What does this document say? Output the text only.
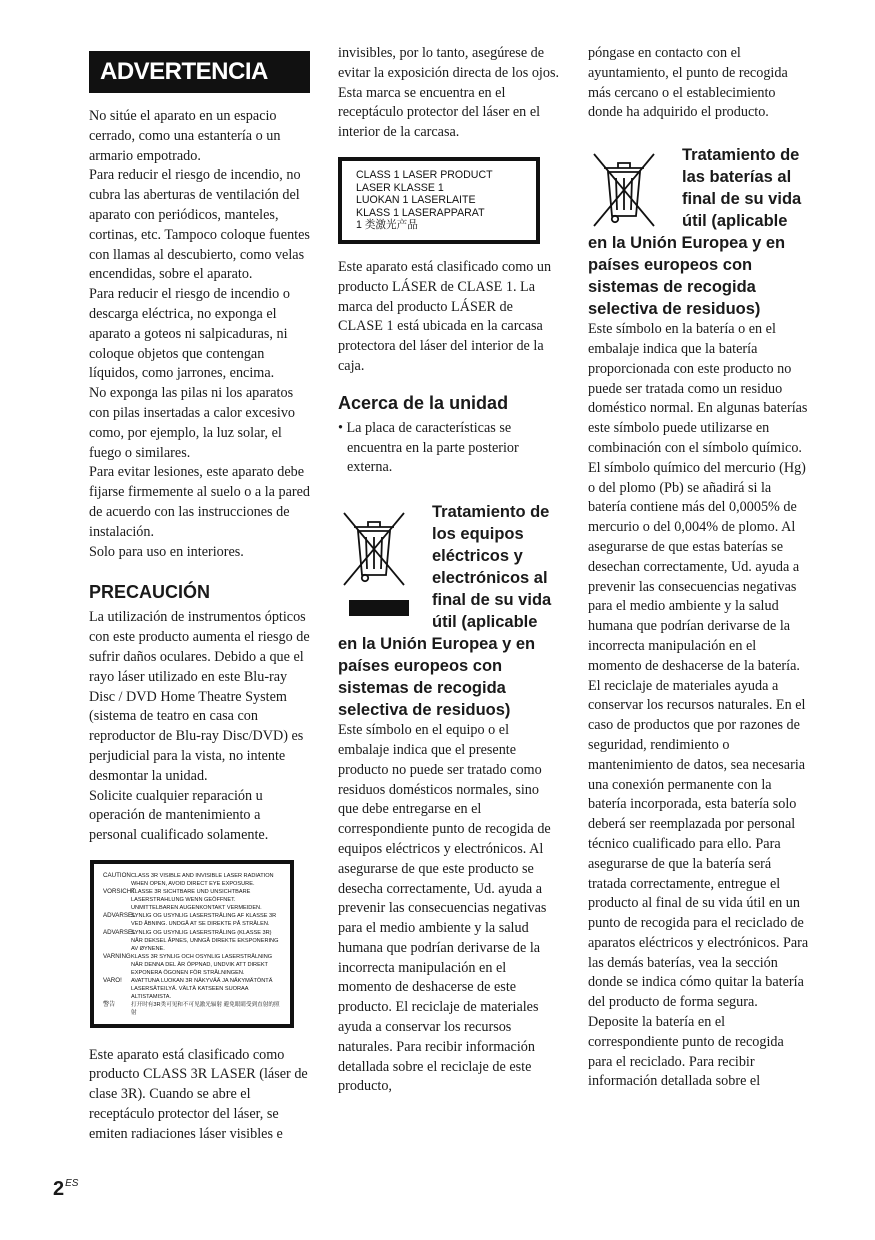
ADVERTENCIA

No sitúe el aparato en un espacio cerrado, como una estantería o un armario empotrado.

Para reducir el riesgo de incendio, no cubra las aberturas de ventilación del aparato con periódicos, manteles, cortinas, etc. Tampoco coloque fuentes con llamas al descubierto, como velas encendidas, sobre el aparato.

Para reducir el riesgo de incendio o descarga eléctrica, no exponga el aparato a goteos ni salpicaduras, ni coloque objetos que contengan líquidos, como jarrones, encima.

No exponga las pilas ni los aparatos con pilas insertadas a calor excesivo como, por ejemplo, la luz solar, el fuego o similares.

Para evitar lesiones, este aparato debe fijarse firmemente al suelo o a la pared de acuerdo con las instrucciones de instalación.

Solo para uso en interiores.

PRECAUCIÓN

La utilización de instrumentos ópticos con este producto aumenta el riesgo de sufrir daños oculares. Debido a que el rayo láser utilizado en este Blu-ray Disc / DVD Home Theatre System (sistema de teatro en casa con reproductor de Blu-ray Disc/DVD) es perjudicial para la vista, no intente desmontar la unidad.

Solicite cualquier reparación u operación de mantenimiento a personal cualificado solamente.

CAUTION CLASS 3R VISIBLE AND INVISIBLE LASER RADIATION WHEN OPEN, AVOID DIRECT EYE EXPOSURE.
VORSICHT
KLASSE 3R SICHTBARE UND UNSICHTBARE LASERSTRAHLUNG WENN GEÖFFNET. UNMITTELBAREN AUGENKONTAKT VERMEIDEN.
ADVARSEL
SYNLIG OG USYNLIG LASERSTRÅLING AF KLASSE 3R VED ÅBNING. UNDGÅ AT SE DIREKTE PÅ STRÅLEN.
ADVARSEL
SYNLIG OG USYNLIG LASERSTRÅLING (KLASSE 3R) NÅR DEKSEL ÅPNES, UNNGÅ DIREKTE EKSPONERING AV ØYNENE.
VARNING KLASS 3R SYNLIG OCH OSYNLIG LASERSTRÅLNING NÄR DENNA DEL ÄR ÖPPNAD, UNDVIK ATT DIREKT EXPONERA ÖGONEN FÖR STRÅLNINGEN.
VARO!	AVATTUNA LUOKAN 3R NÄKYVÄÄ JA NÄKYMÄTÖNTÄ LASERSÄTEILYÄ. VÄLTÄ KATSEEN SUORAA ALTISTAMISTA.
警告	打开时有3R类可见和不可见激光辐射 避免眼睛受到直射的照射

Este aparato está clasificado como producto CLASS 3R LASER (láser de clase 3R). Cuando se abre el receptáculo protector del láser, se emiten radiaciones láser visibles e

invisibles, por lo tanto, asegúrese de evitar la exposición directa de los ojos.

Esta marca se encuentra en el receptáculo protector del láser en el interior de la carcasa.

CLASS 1 LASER PRODUCT
LASER KLASSE 1
LUOKAN 1 LASERLAITE
KLASS 1 LASERAPPARAT
1 类激光产品

Este aparato está clasificado como un producto LÁSER de CLASE 1. La marca del producto LÁSER de CLASE 1 está ubicada en la carcasa protectora del láser del interior de la caja.

Acerca de la unidad

• La placa de características se encuentra en la parte posterior externa.

Tratamiento de
los equipos
eléctricos y
electrónicos al
final de su vida
útil (aplicable
en la Unión Europea y en países europeos con sistemas de recogida selectiva de residuos)

Este símbolo en el equipo o el embalaje indica que el presente producto no puede ser tratado como residuos domésticos normales, sino que debe entregarse en el correspondiente punto de recogida de equipos eléctricos y electrónicos. Al asegurarse de que este producto se desecha correctamente, Ud. ayuda a prevenir las consecuencias negativas para el medio ambiente y la salud humana que podrían derivarse de la incorrecta manipulación en el momento de deshacerse de este producto. El reciclaje de materiales ayuda a conservar los recursos naturales. Para recibir información detallada sobre el reciclaje de este producto,

póngase en contacto con el ayuntamiento, el punto de recogida más cercano o el establecimiento donde ha adquirido el producto.

Tratamiento de
las baterías al
final de su vida
útil (aplicable
en la Unión Europea y en países europeos con sistemas de recogida selectiva de residuos)

Este símbolo en la batería o en el embalaje indica que la batería proporcionada con este producto no puede ser tratada como un residuo doméstico normal. En algunas baterías este símbolo puede utilizarse en combinación con el símbolo químico. El símbolo químico del mercurio (Hg) o del plomo (Pb) se añadirá si la batería contiene más del 0,0005% de mercurio o del 0,004% de plomo. Al asegurarse de que estas baterías se desechan correctamente, Ud. ayuda a prevenir las consecuencias negativas para el medio ambiente y la salud humana que podrían derivarse de la incorrecta manipulación en el momento de deshacerse de la batería. El reciclaje de materiales ayuda a conservar los recursos naturales. En el caso de productos que por razones de seguridad, rendimiento o mantenimiento de datos, sea necesaria una conexión permanente con la batería incorporada, esta batería solo deberá ser reemplazada por personal técnico cualificado para ello. Para asegurarse de que la batería será tratada correctamente, entregue el producto al final de su vida útil en un punto de recogida para el reciclado de aparatos eléctricos y electrónicos. Para las demás baterías, vea la sección donde se indica cómo quitar la batería del producto de forma segura. Deposite la batería en el correspondiente punto de recogida para el reciclado. Para recibir información detallada sobre el

$2^{ES}$
